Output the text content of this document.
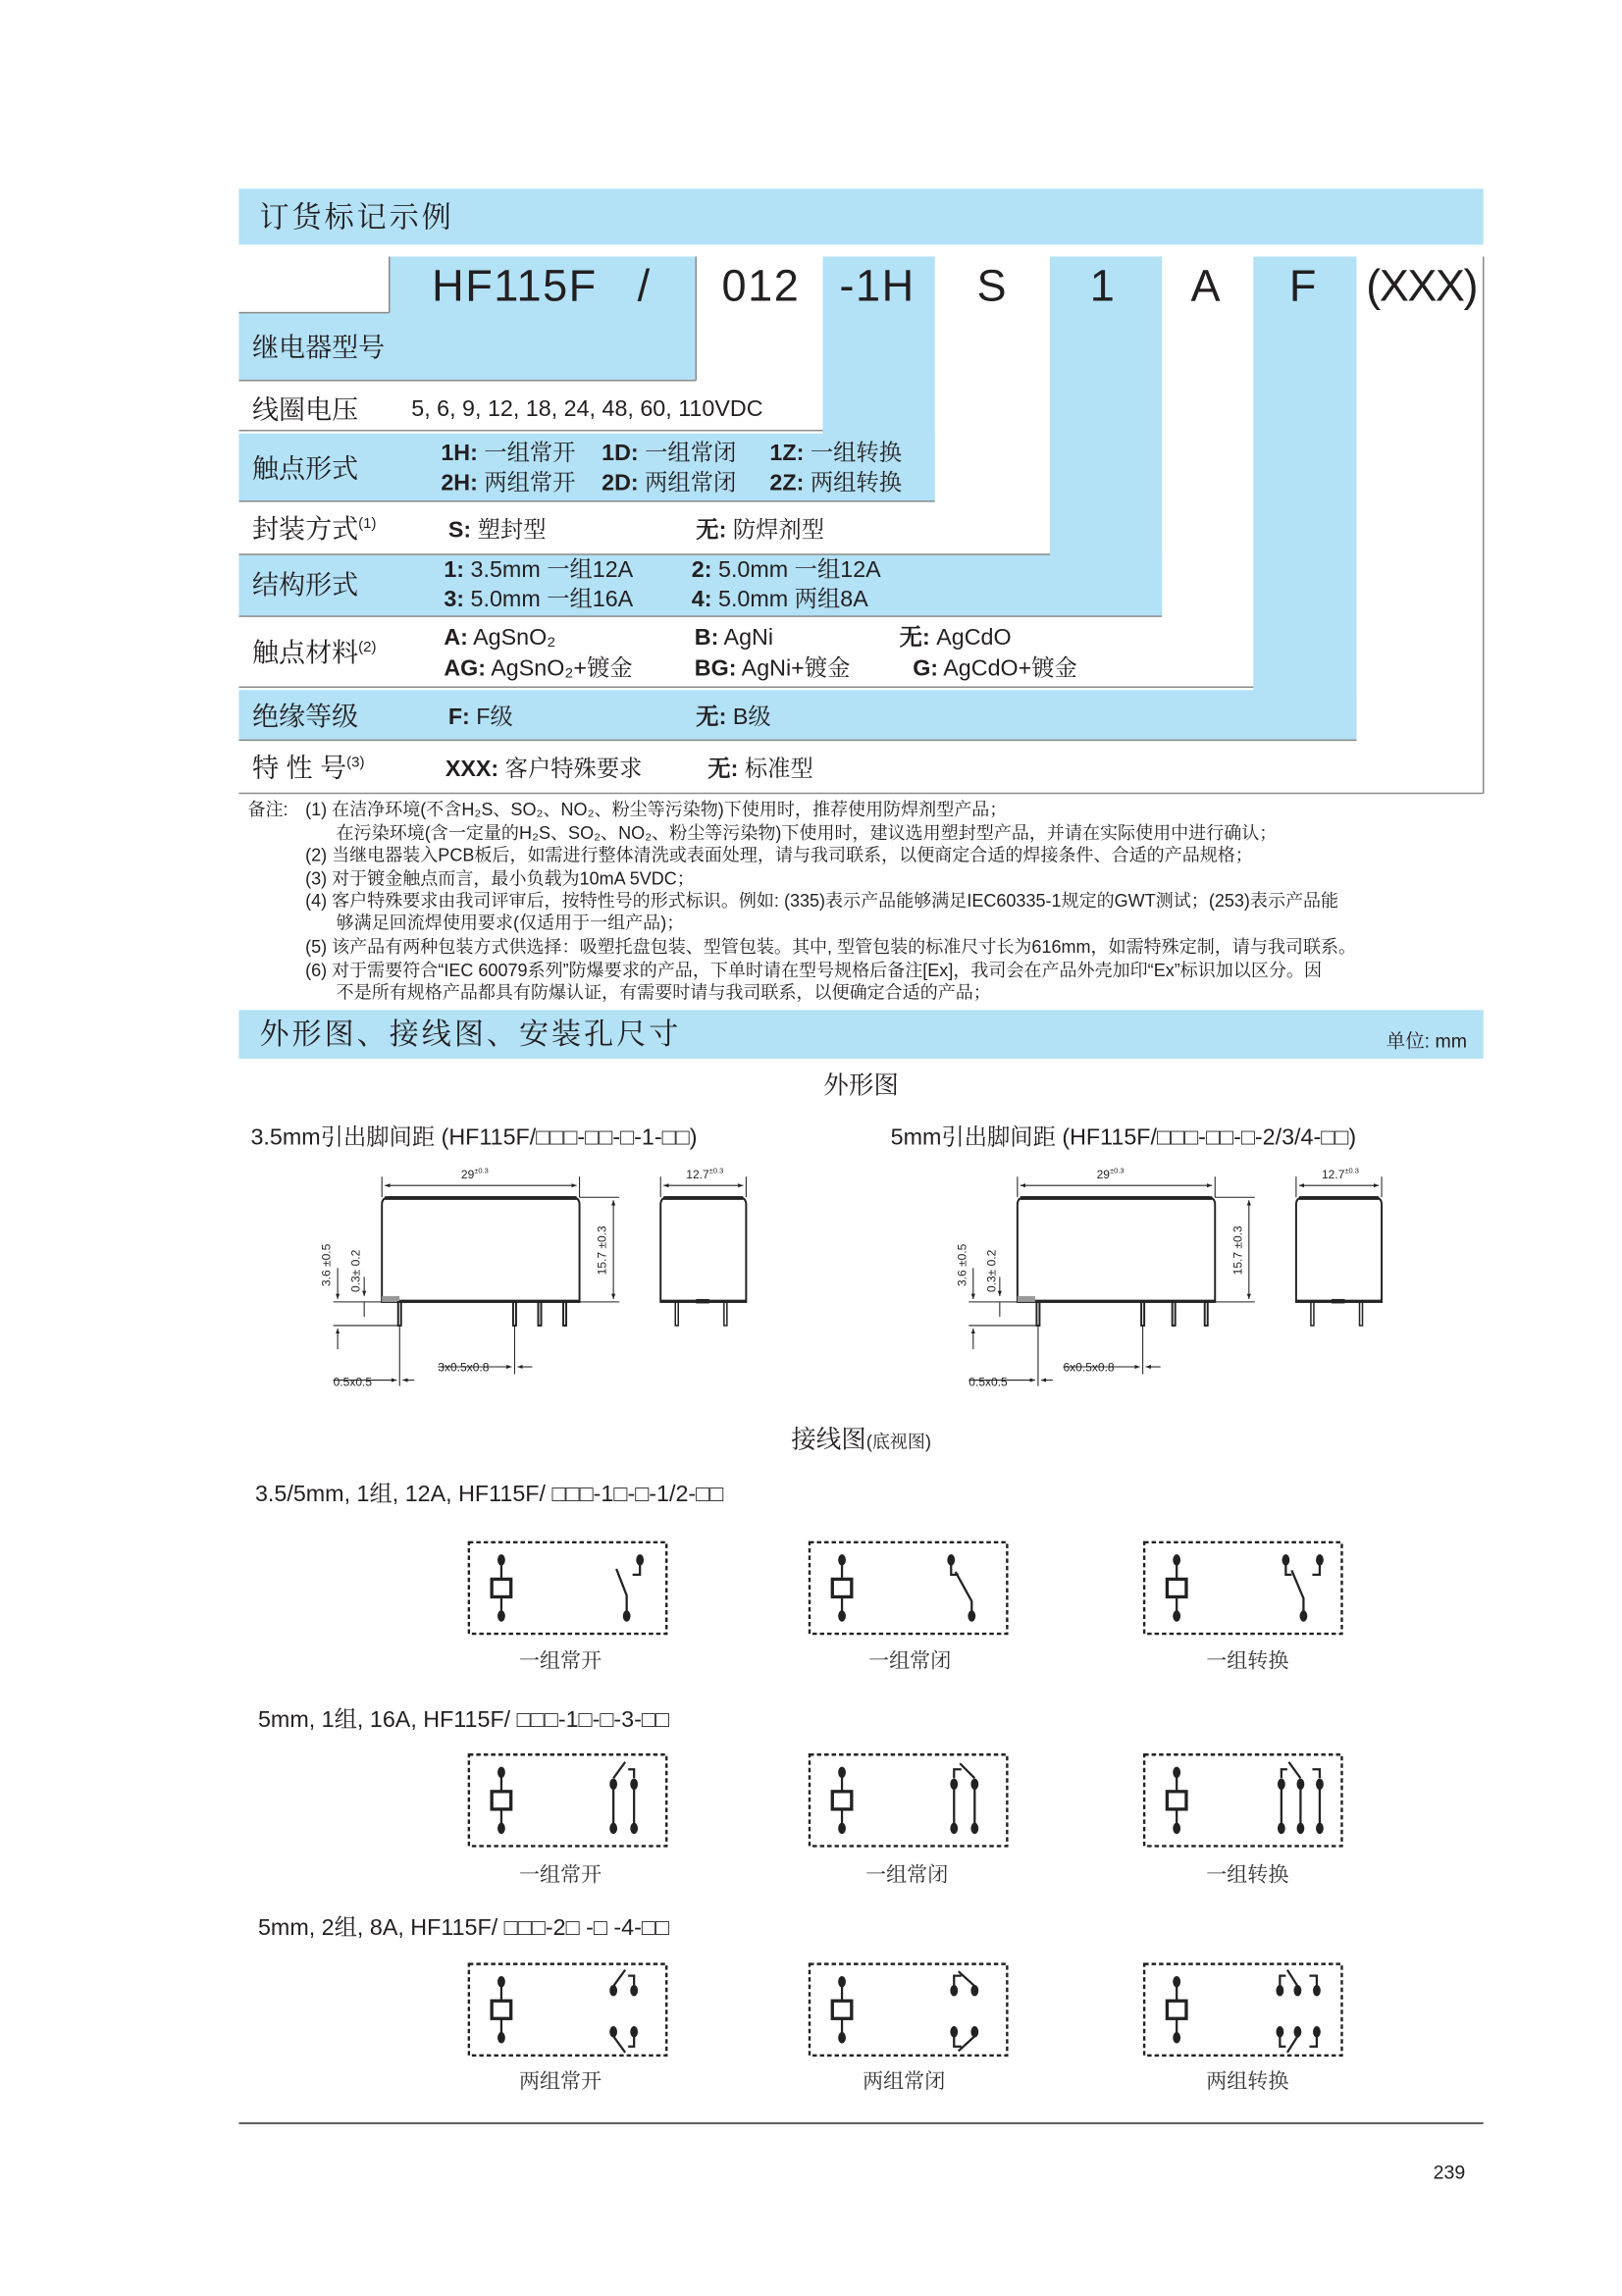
订货标记示例
HF115F / 012 -1H S	1	A F (XXX)
继电器型号
线圈电压	5, 6, 9, 12, 18, 24, 48, 60, 110VDC
触点形式
1H: 一组常开 1D: 一组常闭 1Z: 一组转换
2H: 两组常开 2D: 两组常闭 2Z: 两组转换
封装方式$^{(1)}$	S: 塑封型	无: 防焊剂型
结构形式
1: 3.5mm 一组12A	2: 5.0mm 一组12A
3: 5.0mm 一组16A	4: 5.0mm 两组8A
触点材料$^{(2)}$	A: AgSnO₂	B: AgNi	无: AgCdO
AG: AgSnO₂+镀金	BG: AgNi+镀金	G: AgCdO+镀金
绝缘等级	F: F级	无: B级
特 性 号$^{(3)}$	XXX: 客户特殊要求	无: 标准型
备注: (1) 在洁净环境(不含H₂S、SO₂、NO₂、粉尘等污染物)下使用时，推荐使用防焊剂型产品；
在污染环境(含一定量的H₂S、SO₂、NO₂、粉尘等污染物)下使用时，建议选用塑封型产品，并请在实际使用中进行确认；
(2) 当继电器装入PCB板后，如需进行整体清洗或表面处理，请与我司联系，以便商定合适的焊接条件、合适的产品规格；
(3) 对于镀金触点而言，最小负载为10mA 5VDC；
(4) 客户特殊要求由我司评审后，按特性号的形式标识。例如: (335)表示产品能够满足IEC60335-1规定的GWT测试；(253)表示产品能
够满足回流焊使用要求(仅适用于一组产品)；
(5) 该产品有两种包装方式供选择：吸塑托盘包装、型管包装。其中, 型管包装的标准尺寸长为616mm，如需特殊定制，请与我司联系。
(6) 对于需要符合“IEC 60079系列”防爆要求的产品，下单时请在型号规格后备注[Ex]，我司会在产品外壳加印“Ex”标识加以区分。因
不是所有规格产品都具有防爆认证，有需要时请与我司联系，以便确定合适的产品；
外形图、接线图、安装孔尺寸	单位: mm
外形图
3.5mm引出脚间距 (HF115F/□□□-□□-□-1-□□)	5mm引出脚间距 (HF115F/□□□-□□-□-2/3/4-□□)
$29^{\pm 0.3}$	$12.7^{\pm 0.3}$
15.7 ±0.3
3.6 ±0.5 0.3± 0.2
0.5x0.5
3x0.5x0.8
$29^{\pm 0.3}$	$12.7^{\pm 0.3}$
15.7 ±0.3
3.6 ±0.5 0.3± 0.2
0.5x0.5
6x0.5x0.8
接线图(底视图)
3.5/5mm, 1组, 12A, HF115F/ □□□-1□-□-1/2-□□
一组常开	一组常闭	一组转换
5mm, 1组, 16A, HF115F/ □□□-1□-□-3-□□
一组常开	一组常闭	一组转换
5mm, 2组, 8A, HF115F/ □□□-2□ -□ -4-□□
两组常开	两组常闭	两组转换
239
